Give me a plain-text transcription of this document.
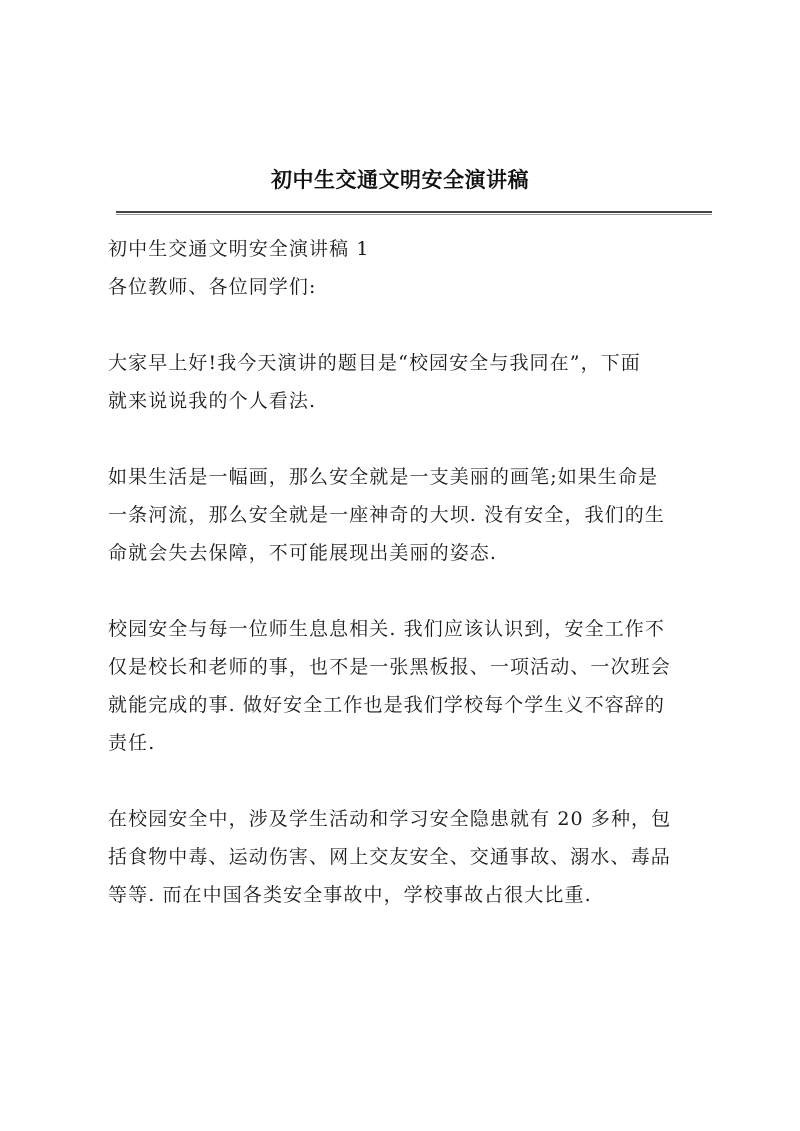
初中生交通文明安全演讲稿
初中生交通文明安全演讲稿 1
各位教师、各位同学们:
大家早上好!我今天演讲的题目是“校园安全与我同在”，下面
就来说说我的个人看法.
如果生活是一幅画，那么安全就是一支美丽的画笔;如果生命是
一条河流，那么安全就是一座神奇的大坝. 没有安全，我们的生
命就会失去保障，不可能展现出美丽的姿态.
校园安全与每一位师生息息相关. 我们应该认识到，安全工作不
仅是校长和老师的事，也不是一张黑板报、一项活动、一次班会
就能完成的事. 做好安全工作也是我们学校每个学生义不容辞的
责任.
在校园安全中，涉及学生活动和学习安全隐患就有 20 多种，包
括食物中毒、运动伤害、网上交友安全、交通事故、溺水、毒品
等等. 而在中国各类安全事故中，学校事故占很大比重.
